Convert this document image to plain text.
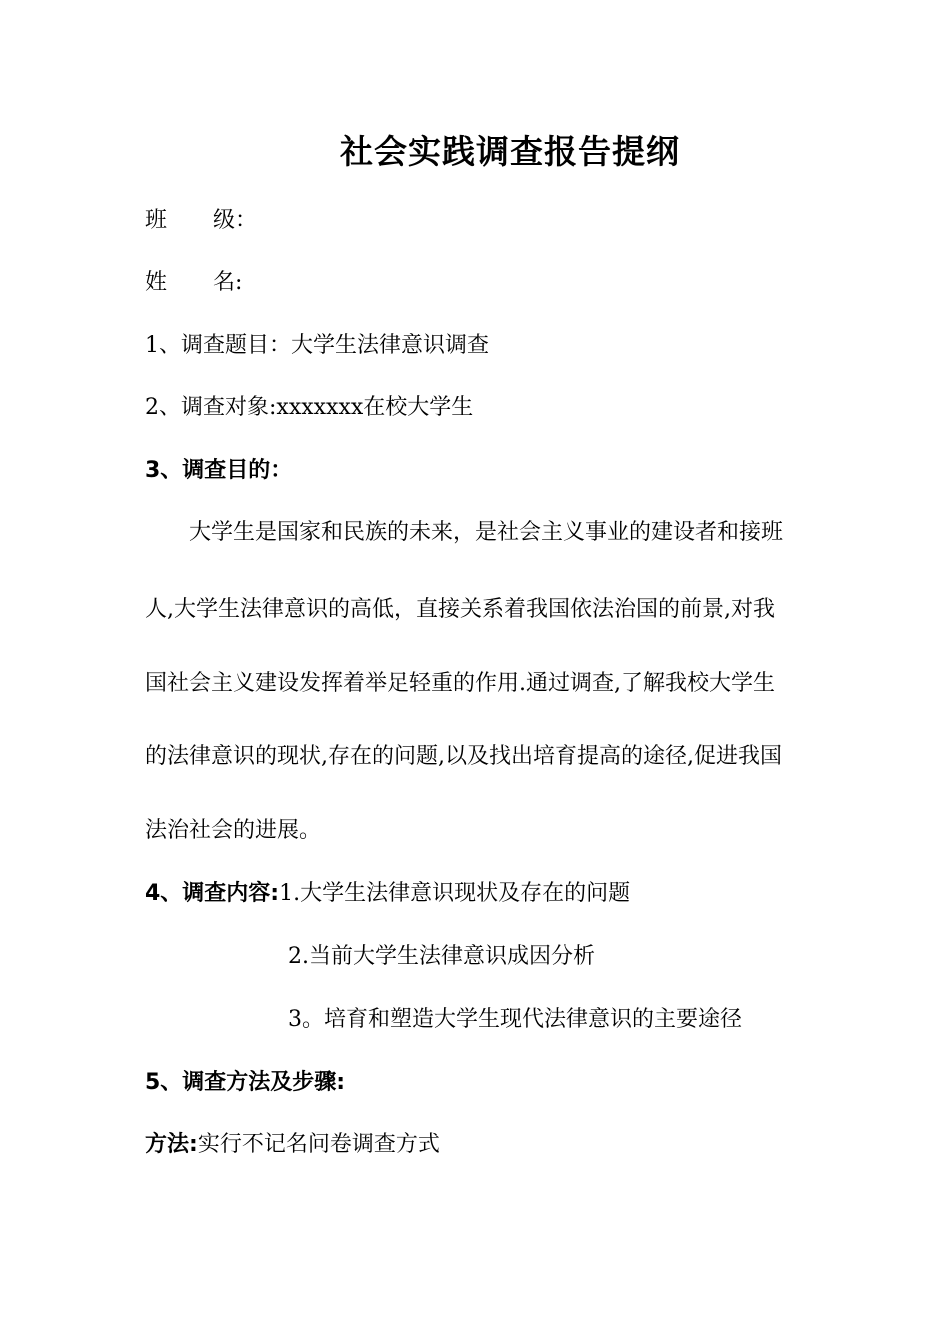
社会实践调查报告提纲
班 级：
姓 名:
1、调查题目：大学生法律意识调查
2、调查对象:xxxxxxx在校大学生
3、调查目的：
大学生是国家和民族的未来，是社会主义事业的建设者和接班
人,大学生法律意识的高低，直接关系着我国依法治国的前景,对我
国社会主义建设发挥着举足轻重的作用.通过调查,了解我校大学生
的法律意识的现状,存在的问题,以及找出培育提高的途径,促进我国
法治社会的进展。
4、调查内容:1.大学生法律意识现状及存在的问题
2.当前大学生法律意识成因分析
3。培育和塑造大学生现代法律意识的主要途径
5、调查方法及步骤:
方法:实行不记名问卷调查方式
